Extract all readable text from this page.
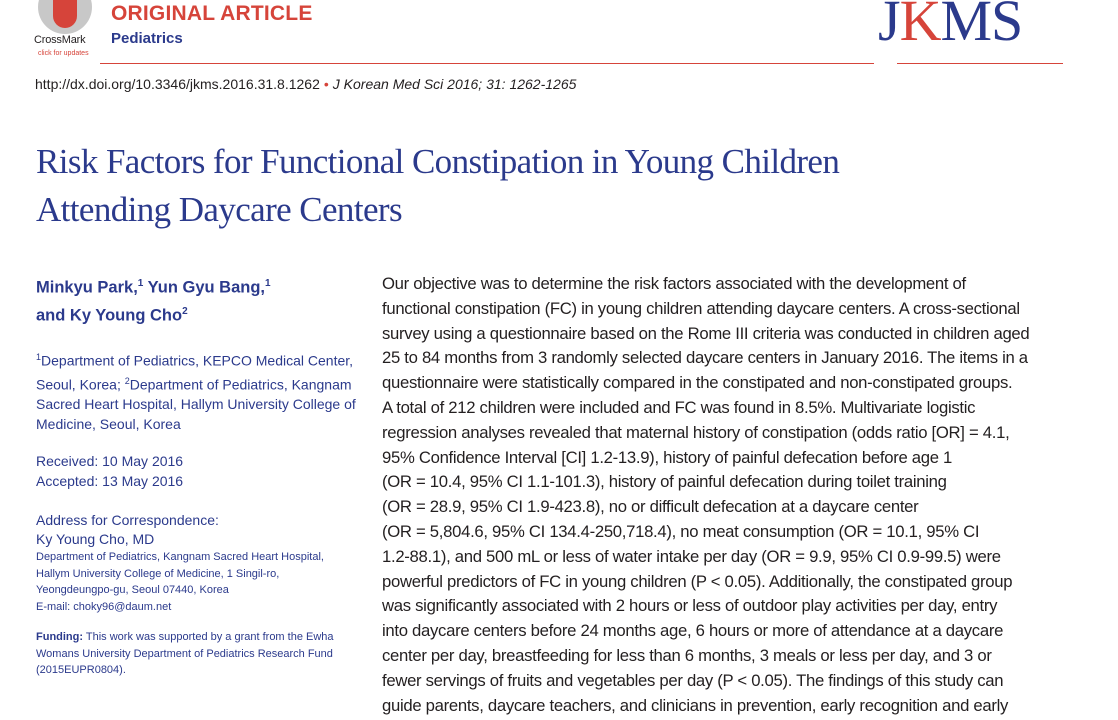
CrossMark
click for updates
ORIGINAL ARTICLE
Pediatrics	JKMS
http://dx.doi.org/10.3346/jkms.2016.31.8.1262 • J Korean Med Sci 2016; 31: 1262-1265
Risk Factors for Functional Constipation in Young Children
Attending Daycare Centers
Minkyu Park,$^1$ Yun Gyu Bang,$^1$
and Ky Young Cho$^2$
$^1$Department of Pediatrics, KEPCO Medical Center, Seoul, Korea; $^2$Department of Pediatrics, Kangnam Sacred Heart Hospital, Hallym University College of Medicine, Seoul, Korea
Received: 10 May 2016
Accepted: 13 May 2016
Address for Correspondence:
Ky Young Cho, MD
Department of Pediatrics, Kangnam Sacred Heart Hospital,
Hallym University College of Medicine, 1 Singil-ro,
Yeongdeungpo-gu, Seoul 07440, Korea
E-mail: choky96@daum.net
Funding: This work was supported by a grant from the Ewha Womans University Department of Pediatrics Research Fund (2015EUPR0804).
Our objective was to determine the risk factors associated with the development of
functional constipation (FC) in young children attending daycare centers. A cross-sectional
survey using a questionnaire based on the Rome III criteria was conducted in children aged
25 to 84 months from 3 randomly selected daycare centers in January 2016. The items in a
questionnaire were statistically compared in the constipated and non-constipated groups.
A total of 212 children were included and FC was found in 8.5%. Multivariate logistic
regression analyses revealed that maternal history of constipation (odds ratio [OR] = 4.1,
95% Confidence Interval [CI] 1.2-13.9), history of painful defecation before age 1
(OR = 10.4, 95% CI 1.1-101.3), history of painful defecation during toilet training
(OR = 28.9, 95% CI 1.9-423.8), no or difficult defecation at a daycare center
(OR = 5,804.6, 95% CI 134.4-250,718.4), no meat consumption (OR = 10.1, 95% CI
1.2-88.1), and 500 mL or less of water intake per day (OR = 9.9, 95% CI 0.9-99.5) were
powerful predictors of FC in young children (P < 0.05). Additionally, the constipated group
was significantly associated with 2 hours or less of outdoor play activities per day, entry
into daycare centers before 24 months age, 6 hours or more of attendance at a daycare
center per day, breastfeeding for less than 6 months, 3 meals or less per day, and 3 or
fewer servings of fruits and vegetables per day (P < 0.05). The findings of this study can
guide parents, daycare teachers, and clinicians in prevention, early recognition and early
